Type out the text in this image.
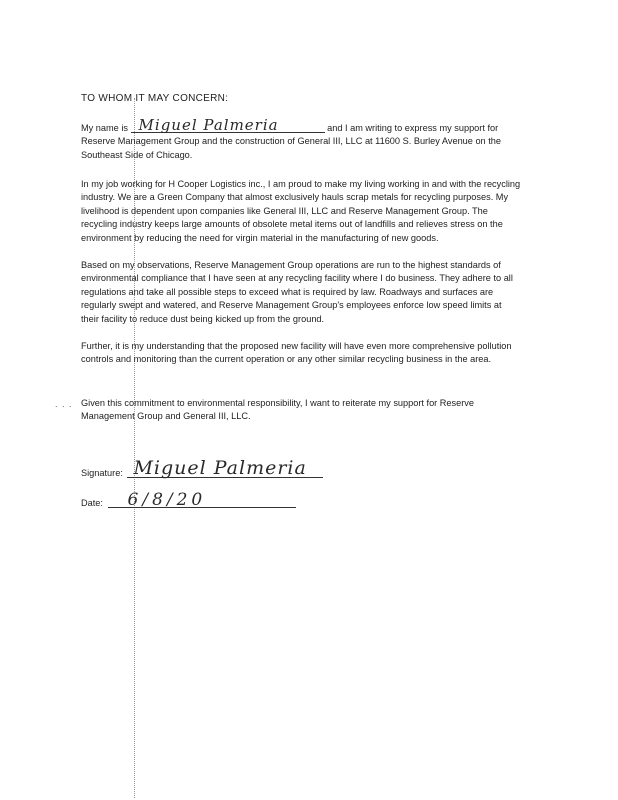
TO WHOM IT MAY CONCERN:

My name is Miguel Palmeria	and I am writing to express my support for Reserve Management Group and the construction of General III, LLC at 11600 S. Burley Avenue on the Southeast Side of Chicago.

In my job working for H Cooper Logistics inc., I am proud to make my living working in and with the recycling industry. We are a Green Company that almost exclusively hauls scrap metals for recycling purposes. My livelihood is dependent upon companies like General III, LLC and Reserve Management Group. The recycling industry keeps large amounts of obsolete metal items out of landfills and relieves stress on the environment by reducing the need for virgin material in the manufacturing of new goods.

Based on my observations, Reserve Management Group operations are run to the highest standards of environmental compliance that I have seen at any recycling facility where I do business. They adhere to all regulations and take all possible steps to exceed what is required by law. Roadways and surfaces are regularly swept and watered, and Reserve Management Group's employees enforce low speed limits at their facility to reduce dust being kicked up from the ground.

Further, it is my understanding that the proposed new facility will have even more comprehensive pollution controls and monitoring than the current operation or any other similar recycling business in the area.

. . . Given this commitment to environmental responsibility, I want to reiterate my support for Reserve Management Group and General III, LLC.

Signature: Miguel Palmeria
Date: 6/8/20
